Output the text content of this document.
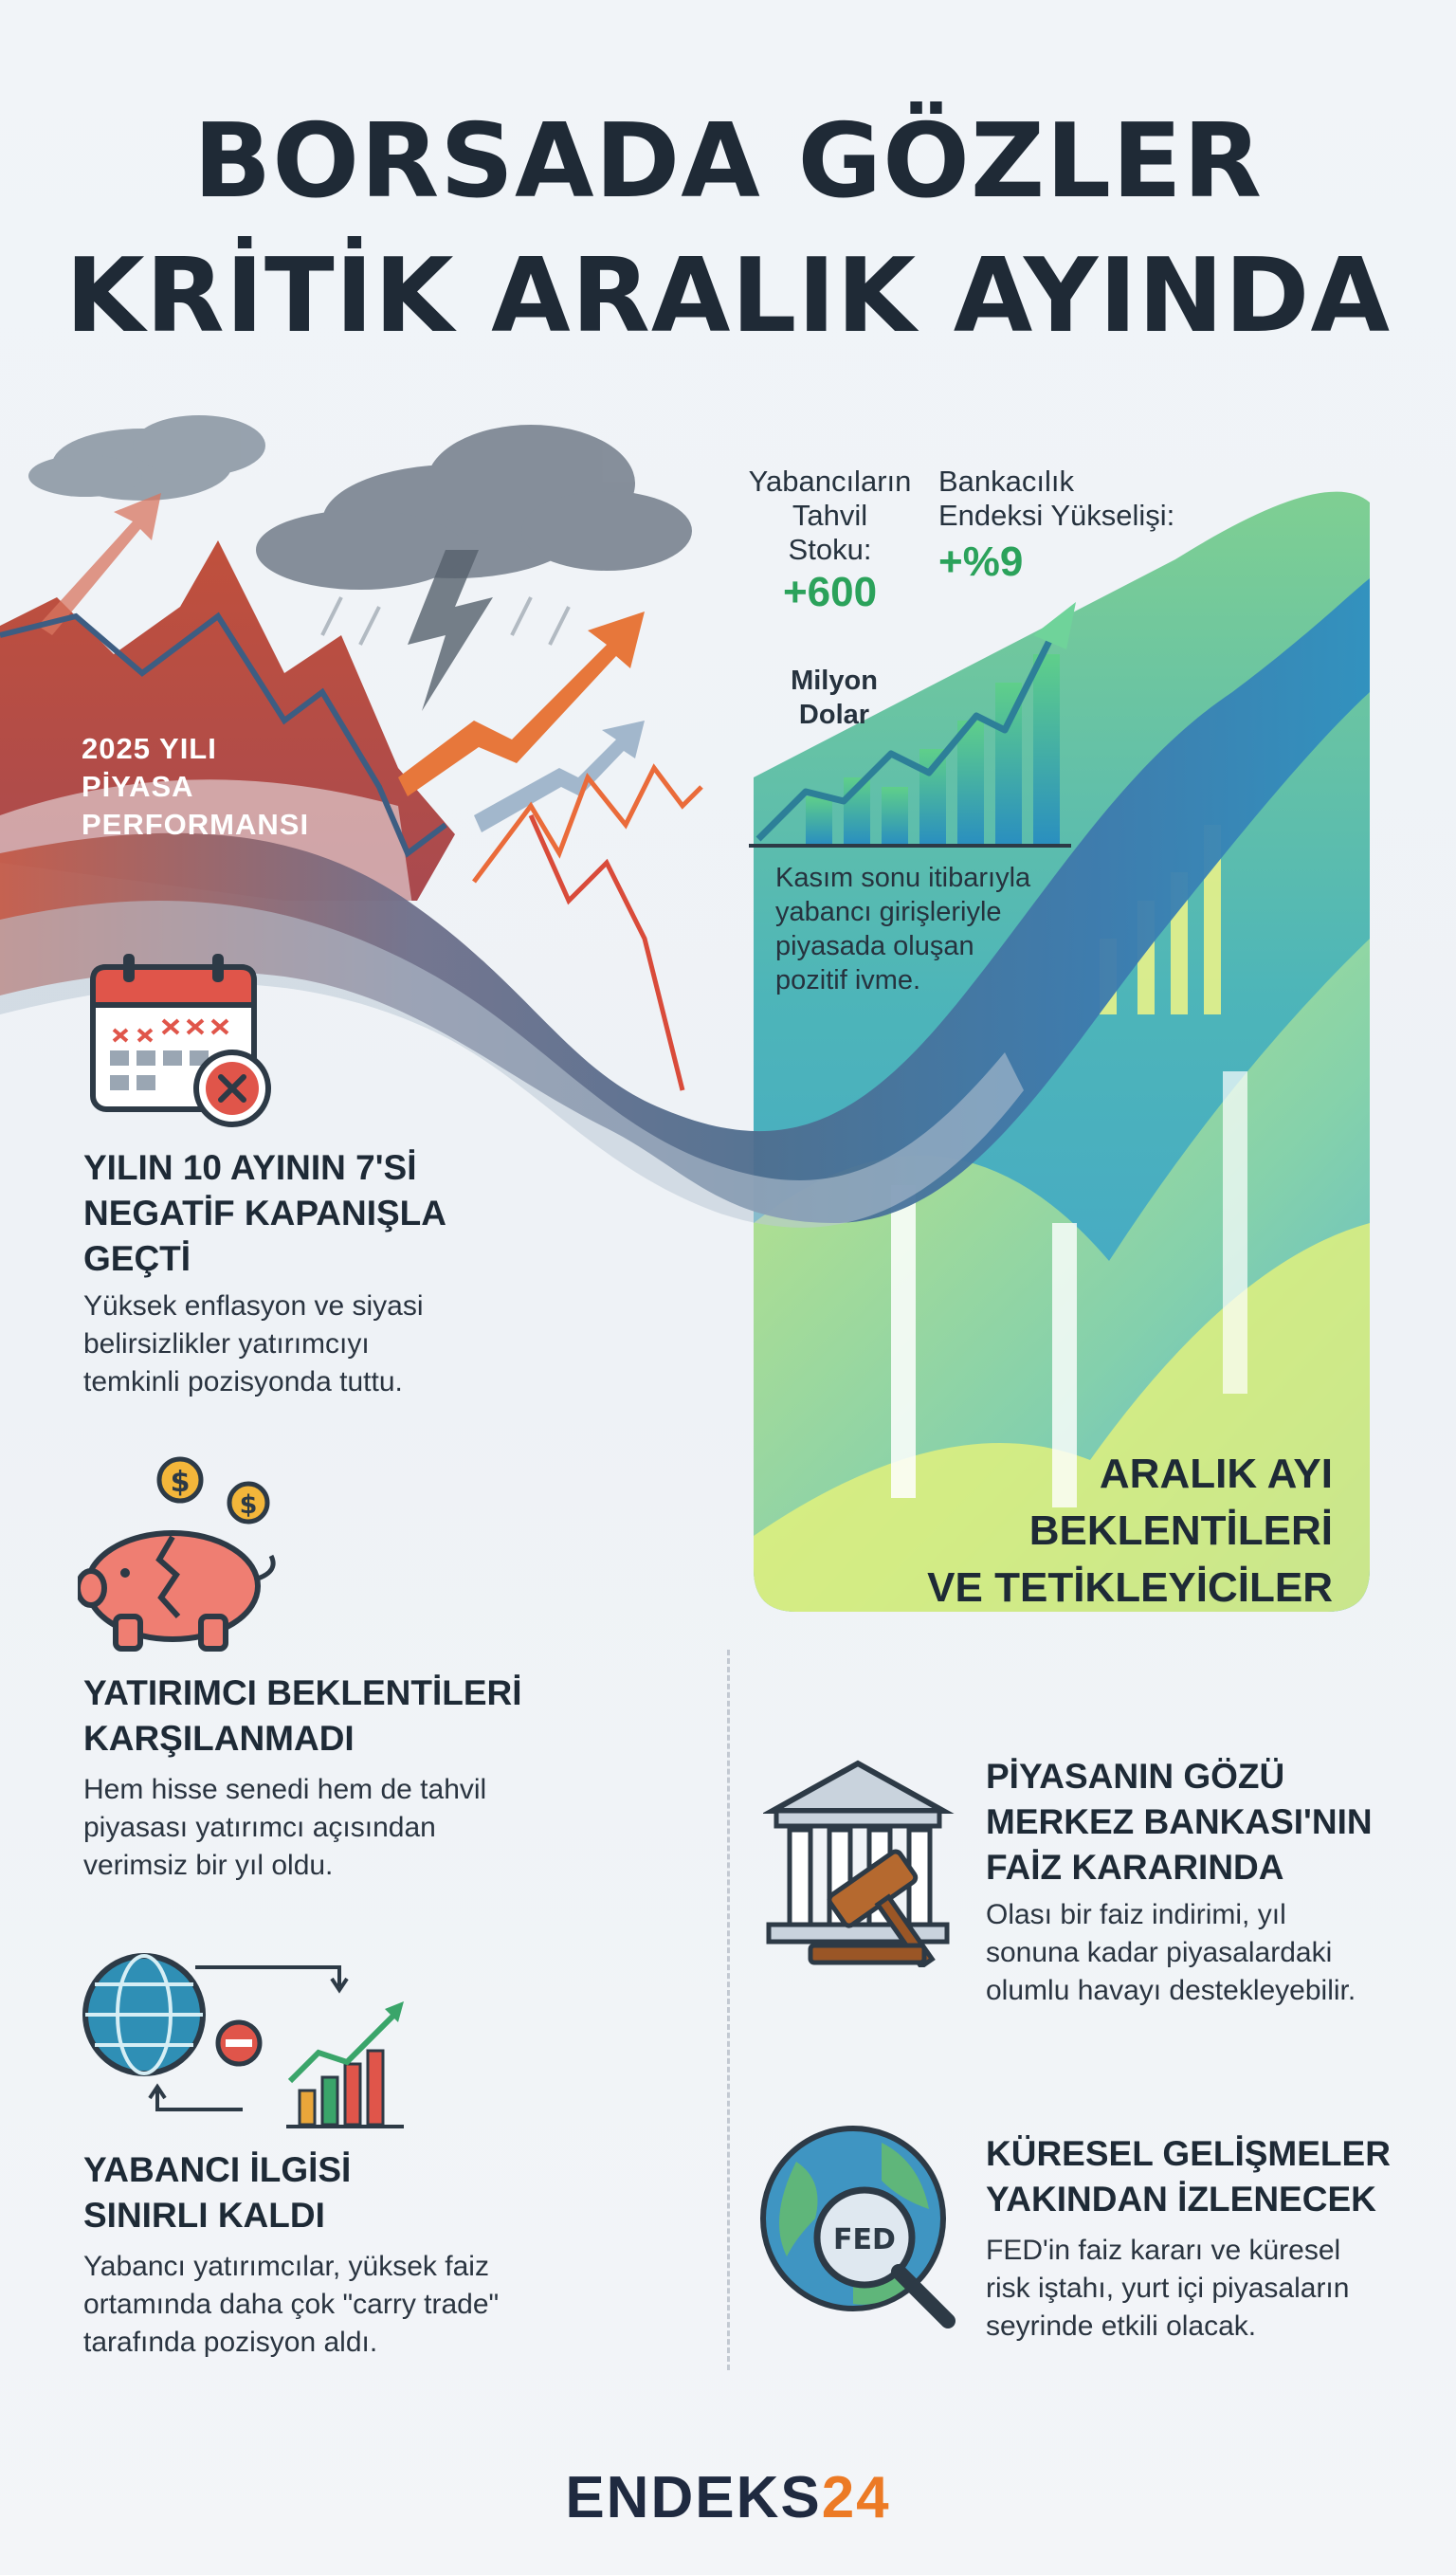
BORSADA GÖZLER
KRİTİK ARALIK AYINDA
2025 YILI
PİYASA
PERFORMANSI
Yabancıların
Tahvil
Stoku:
+600
Bankacılık
Endeksi Yükselişi:
+%9
Milyon
Dolar
Kasım sonu itibarıyla
yabancı girişleriyle
piyasada oluşan
pozitif ivme.
ARALIK AYI
BEKLENTİLERİ
VE TETİKLEYİCİLER
YILIN 10 AYININ 7'Sİ
NEGATİF KAPANIŞLA
GEÇTİ
Yüksek enflasyon ve siyasi
belirsizlikler yatırımcıyı
temkinli pozisyonda tuttu.
$
$
YATIRIMCI BEKLENTİLERİ
KARŞILANMADI
Hem hisse senedi hem de tahvil
piyasası yatırımcı açısından
verimsiz bir yıl oldu.
YABANCI İLGİSİ
SINIRLI KALDI
Yabancı yatırımcılar, yüksek faiz
ortamında daha çok "carry trade"
tarafında pozisyon aldı.
PİYASANIN GÖZÜ
MERKEZ BANKASI'NIN
FAİZ KARARINDA
Olası bir faiz indirimi, yıl
sonuna kadar piyasalardaki
olumlu havayı destekleyebilir.
FED
KÜRESEL GELİŞMELER
YAKINDAN İZLENECEK
FED'in faiz kararı ve küresel
risk iştahı, yurt içi piyasaların
seyrinde etkili olacak.
ENDEKS24
